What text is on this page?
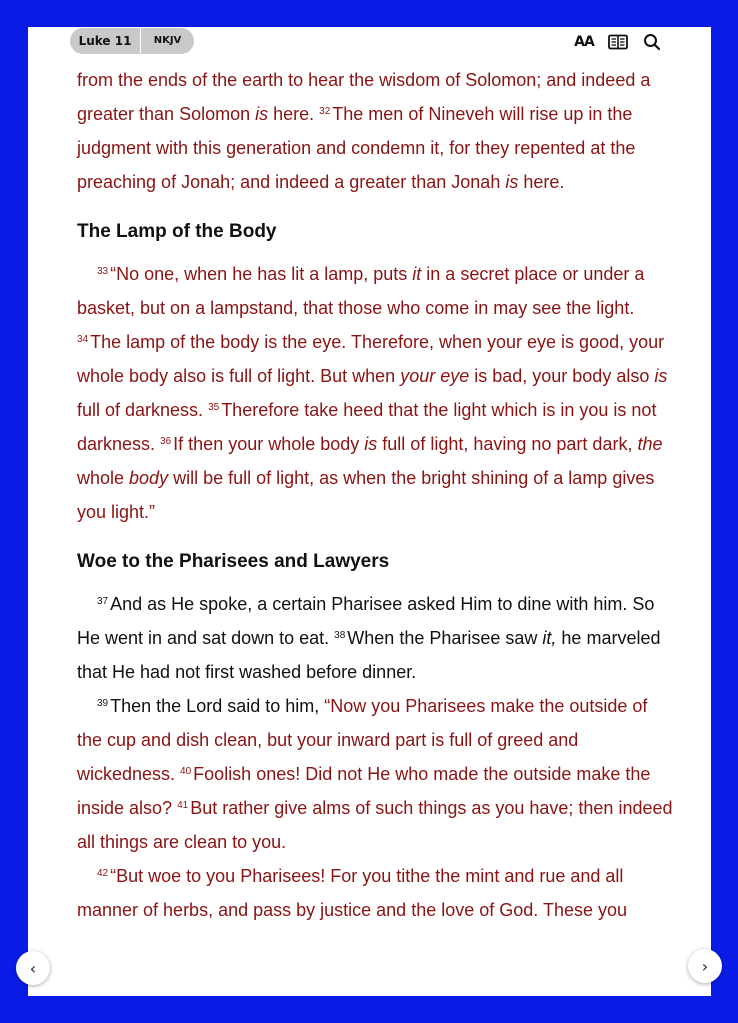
Luke 11	NKJV	AA

from the ends of the earth to hear the wisdom of Solomon; and indeed a greater than Solomon is here. $^{32}$ The men of Nineveh will rise up in the judgment with this generation and condemn it, for they repented at the preaching of Jonah; and indeed a greater than Jonah is here.

The Lamp of the Body

$^{33}$ “No one, when he has lit a lamp, puts it in a secret place or under a basket, but on a lampstand, that those who come in may see the light. $^{34}$ The lamp of the body is the eye. Therefore, when your eye is good, your whole body also is full of light. But when your eye is bad, your body also is full of darkness. $^{35}$ Therefore take heed that the light which is in you is not darkness. $^{36}$ If then your whole body is full of light, having no part dark, the whole body will be full of light, as when the bright shining of a lamp gives you light.”

Woe to the Pharisees and Lawyers

$^{37}$ And as He spoke, a certain Pharisee asked Him to dine with him. So He went in and sat down to eat. $^{38}$ When the Pharisee saw it, he marveled that He had not first washed before dinner.

$^{39}$ Then the Lord said to him, “Now you Pharisees make the outside of the cup and dish clean, but your inward part is full of greed and wickedness. $^{40}$ Foolish ones! Did not He who made the outside make the inside also? $^{41}$ But rather give alms of such things as you have; then indeed all things are clean to you.

$^{42}$ “But woe to you Pharisees! For you tithe the mint and rue and all manner of herbs, and pass by justice and the love of God. These you

‹	›
